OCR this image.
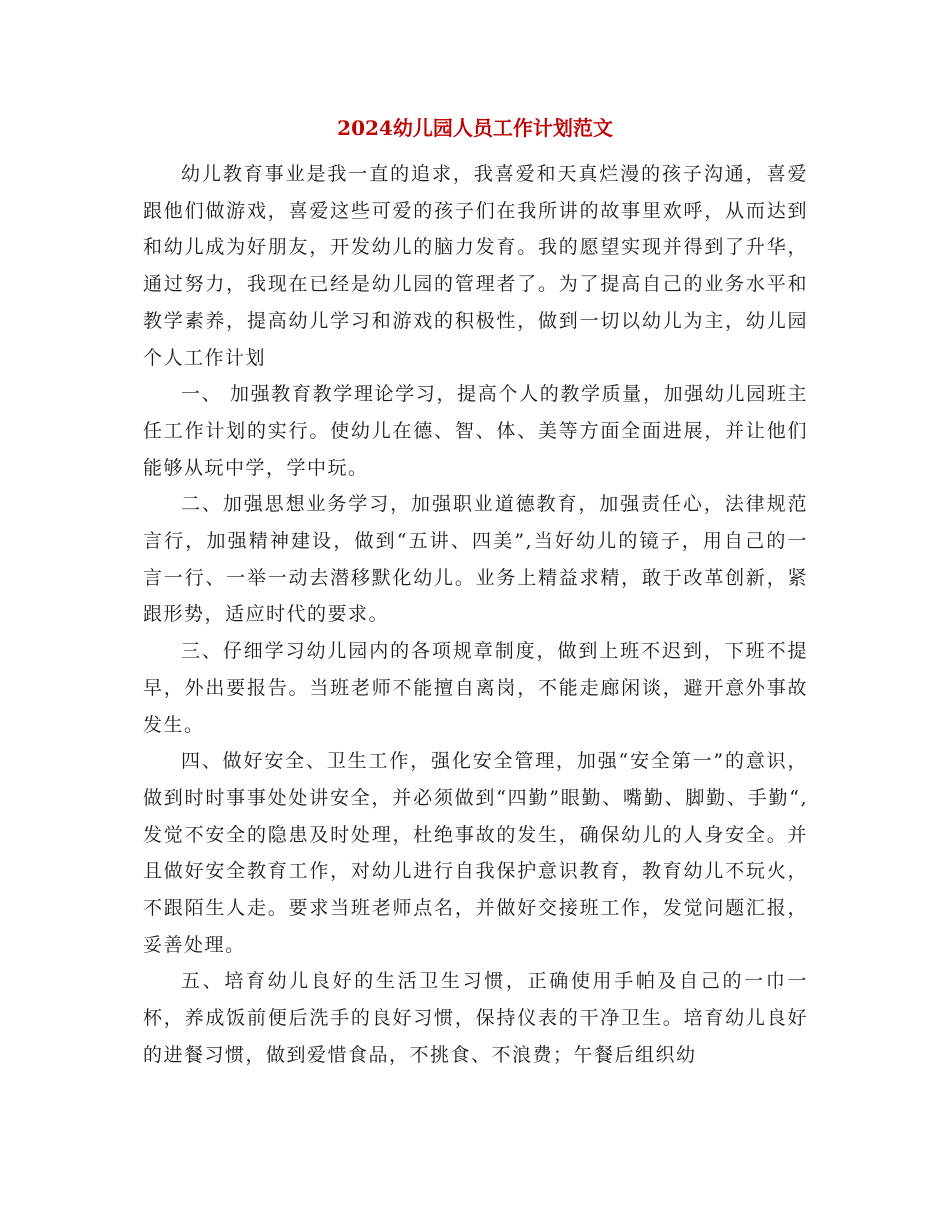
2024幼儿园人员工作计划范文

幼儿教育事业是我一直的追求，我喜爱和天真烂漫的孩子沟通，喜爱跟他们做游戏，喜爱这些可爱的孩子们在我所讲的故事里欢呼，从而达到和幼儿成为好朋友，开发幼儿的脑力发育。我的愿望实现并得到了升华，通过努力，我现在已经是幼儿园的管理者了。为了提高自己的业务水平和教学素养，提高幼儿学习和游戏的积极性，做到一切以幼儿为主，幼儿园个人工作计划

一、 加强教育教学理论学习，提高个人的教学质量，加强幼儿园班主任工作计划的实行。使幼儿在德、智、体、美等方面全面进展，并让他们能够从玩中学，学中玩。

二、加强思想业务学习，加强职业道德教育，加强责任心，法律规范言行，加强精神建设，做到“五讲、四美”,当好幼儿的镜子，用自己的一言一行、一举一动去潜移默化幼儿。业务上精益求精，敢于改革创新，紧跟形势，适应时代的要求。

三、仔细学习幼儿园内的各项规章制度，做到上班不迟到，下班不提早，外出要报告。当班老师不能擅自离岗，不能走廊闲谈，避开意外事故发生。

四、做好安全、卫生工作，强化安全管理，加强“安全第一”的意识，做到时时事事处处讲安全，并必须做到“四勤”眼勤、嘴勤、脚勤、手勤“,发觉不安全的隐患及时处理，杜绝事故的发生，确保幼儿的人身安全。并且做好安全教育工作，对幼儿进行自我保护意识教育，教育幼儿不玩火，不跟陌生人走。要求当班老师点名，并做好交接班工作，发觉问题汇报，妥善处理。

五、培育幼儿良好的生活卫生习惯，正确使用手帕及自己的一巾一杯，养成饭前便后洗手的良好习惯，保持仪表的干净卫生。培育幼儿良好的进餐习惯，做到爱惜食品，不挑食、不浪费；午餐后组织幼
